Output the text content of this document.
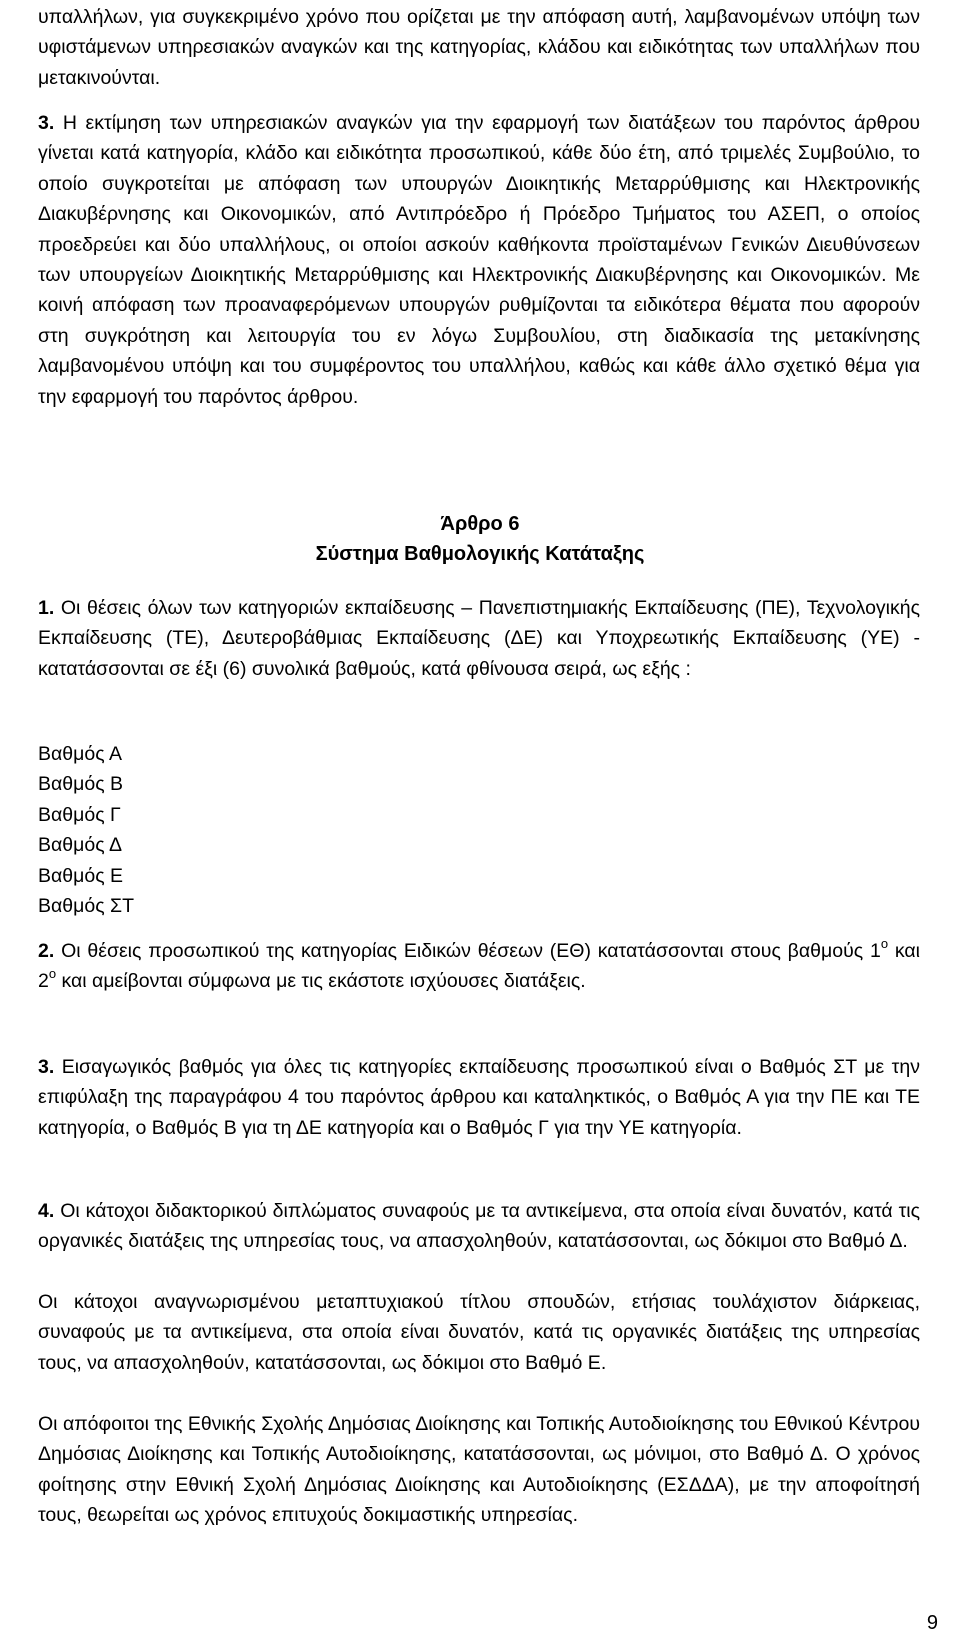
υπαλλήλων, για συγκεκριμένο χρόνο που ορίζεται με την απόφαση αυτή, λαμβανομένων υπόψη των υφιστάμενων υπηρεσιακών αναγκών και της κατηγορίας, κλάδου και ειδικότητας των υπαλλήλων που μετακινούνται.
3. Η εκτίμηση των υπηρεσιακών αναγκών για την εφαρμογή των διατάξεων του παρόντος άρθρου γίνεται κατά κατηγορία, κλάδο και ειδικότητα προσωπικού, κάθε δύο έτη, από τριμελές Συμβούλιο, το οποίο συγκροτείται με απόφαση των υπουργών Διοικητικής Μεταρρύθμισης και Ηλεκτρονικής Διακυβέρνησης και Οικονομικών, από Αντιπρόεδρο ή Πρόεδρο Τμήματος του ΑΣΕΠ, ο οποίος προεδρεύει και δύο υπαλλήλους, οι οποίοι ασκούν καθήκοντα προϊσταμένων Γενικών Διευθύνσεων των υπουργείων Διοικητικής Μεταρρύθμισης και Ηλεκτρονικής Διακυβέρνησης και Οικονομικών. Με κοινή απόφαση των προαναφερόμενων υπουργών ρυθμίζονται τα ειδικότερα θέματα που αφορούν στη συγκρότηση και λειτουργία του εν λόγω Συμβουλίου, στη διαδικασία της μετακίνησης λαμβανομένου υπόψη και του συμφέροντος του υπαλλήλου, καθώς και κάθε άλλο σχετικό θέμα για την εφαρμογή του παρόντος άρθρου.
Άρθρο 6
Σύστημα Βαθμολογικής Κατάταξης
1. Οι θέσεις όλων των κατηγοριών εκπαίδευσης – Πανεπιστημιακής Εκπαίδευσης (ΠΕ), Τεχνολογικής Εκπαίδευσης (ΤΕ), Δευτεροβάθμιας Εκπαίδευσης (ΔΕ) και Υποχρεωτικής Εκπαίδευσης (ΥΕ) - κατατάσσονται σε έξι (6) συνολικά βαθμούς, κατά φθίνουσα σειρά, ως εξής :
Βαθμός Α
Βαθμός Β
Βαθμός Γ
Βαθμός Δ
Βαθμός Ε
Βαθμός ΣΤ
2. Οι θέσεις προσωπικού της κατηγορίας Ειδικών θέσεων (ΕΘ) κατατάσσονται στους βαθμούς $1^o$ και $2^o$ και αμείβονται σύμφωνα με τις εκάστοτε ισχύουσες διατάξεις.
3. Εισαγωγικός βαθμός για όλες τις κατηγορίες εκπαίδευσης προσωπικού είναι ο Βαθμός ΣΤ με την επιφύλαξη της παραγράφου 4 του παρόντος άρθρου και καταληκτικός, ο Βαθμός Α για την ΠΕ και ΤΕ κατηγορία, ο Βαθμός Β για τη ΔΕ κατηγορία και ο Βαθμός Γ για την ΥΕ κατηγορία.
4. Οι κάτοχοι διδακτορικού διπλώματος συναφούς με τα αντικείμενα, στα οποία είναι δυνατόν, κατά τις οργανικές διατάξεις της υπηρεσίας τους, να απασχοληθούν, κατατάσσονται, ως δόκιμοι στο Βαθμό Δ.
Οι κάτοχοι αναγνωρισμένου μεταπτυχιακού τίτλου σπουδών, ετήσιας τουλάχιστον διάρκειας, συναφούς με τα αντικείμενα, στα οποία είναι δυνατόν, κατά τις οργανικές διατάξεις της υπηρεσίας τους, να απασχοληθούν, κατατάσσονται, ως δόκιμοι στο Βαθμό Ε.
Οι απόφοιτοι της Εθνικής Σχολής Δημόσιας Διοίκησης και Τοπικής Αυτοδιοίκησης του Εθνικού Κέντρου Δημόσιας Διοίκησης και Τοπικής Αυτοδιοίκησης, κατατάσσονται, ως μόνιμοι, στο Βαθμό Δ. Ο χρόνος φοίτησης στην Εθνική Σχολή Δημόσιας Διοίκησης και Αυτοδιοίκησης (ΕΣΔΔΑ), με την αποφοίτησή τους, θεωρείται ως χρόνος επιτυχούς δοκιμαστικής υπηρεσίας.
9
